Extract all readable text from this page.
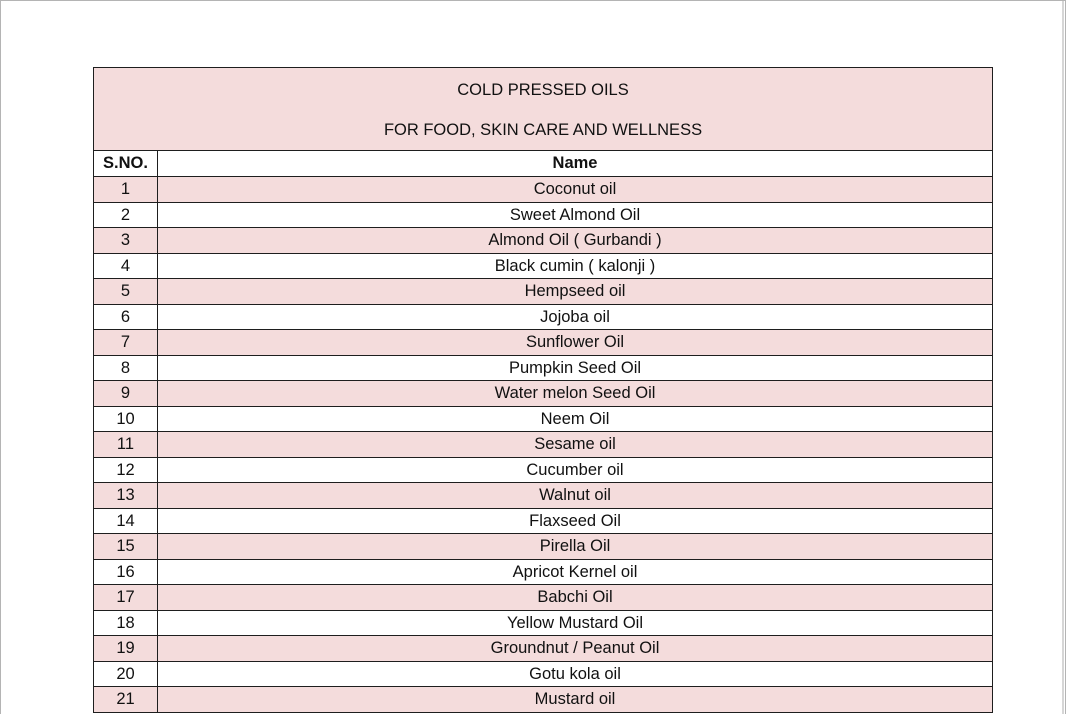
COLD PRESSED OILS
FOR FOOD, SKIN CARE AND WELLNESS	

S.NO.	Name
1	Coconut oil
2	Sweet Almond Oil
3	Almond Oil ( Gurbandi )
4	Black cumin ( kalonji )
5	Hempseed oil
6	Jojoba oil
7	Sunflower Oil
8	Pumpkin Seed Oil
9	Water melon Seed Oil
10	Neem Oil
11	Sesame oil
12	Cucumber oil
13	Walnut oil
14	Flaxseed Oil
15	Pirella Oil
16	Apricot Kernel oil
17	Babchi Oil
18	Yellow Mustard Oil
19	Groundnut / Peanut Oil
20	Gotu kola oil
21	Mustard oil
